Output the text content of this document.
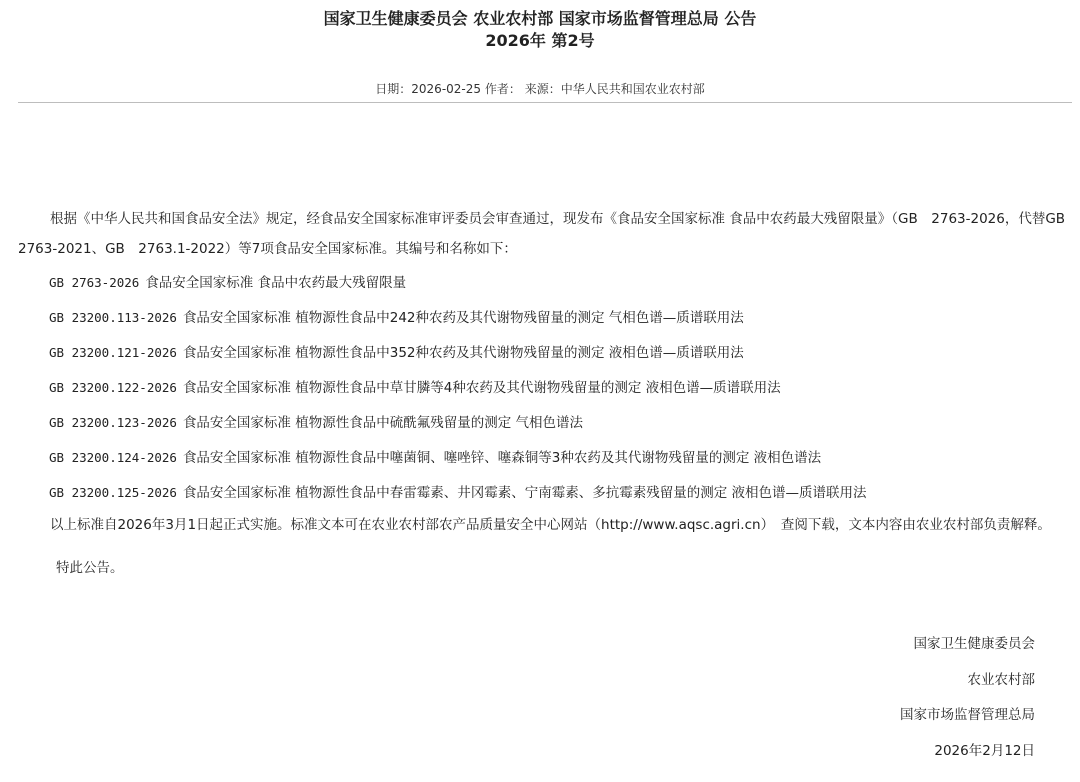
国家卫生健康委员会 农业农村部 国家市场监督管理总局 公告
2026年 第2号
日期：2026-02-25 作者： 来源：中华人民共和国农业农村部

根据《中华人民共和国食品安全法》规定，经食品安全国家标准审评委员会审查通过，现发布《食品安全国家标准 食品中农药最大残留限量》（GB　2763-2026，代替GB　2763-2021、GB　2763.1-2022）等7项食品安全国家标准。其编号和名称如下：

GB 2763-2026 食品安全国家标准 食品中农药最大残留限量
GB 23200.113-2026 食品安全国家标准 植物源性食品中242种农药及其代谢物残留量的测定 气相色谱—质谱联用法
GB 23200.121-2026 食品安全国家标准 植物源性食品中352种农药及其代谢物残留量的测定 液相色谱—质谱联用法
GB 23200.122-2026 食品安全国家标准 植物源性食品中草甘膦等4种农药及其代谢物残留量的测定 液相色谱—质谱联用法
GB 23200.123-2026 食品安全国家标准 植物源性食品中硫酰氟残留量的测定 气相色谱法
GB 23200.124-2026 食品安全国家标准 植物源性食品中噻菌铜、噻唑锌、噻森铜等3种农药及其代谢物残留量的测定 液相色谱法
GB 23200.125-2026 食品安全国家标准 植物源性食品中春雷霉素、井冈霉素、宁南霉素、多抗霉素残留量的测定 液相色谱—质谱联用法

以上标准自2026年3月1日起正式实施。标准文本可在农业农村部农产品质量安全中心网站（http://www.aqsc.agri.cn）　查阅下载，文本内容由农业农村部负责解释。

特此公告。

国家卫生健康委员会
农业农村部
国家市场监督管理总局
2026年2月12日
